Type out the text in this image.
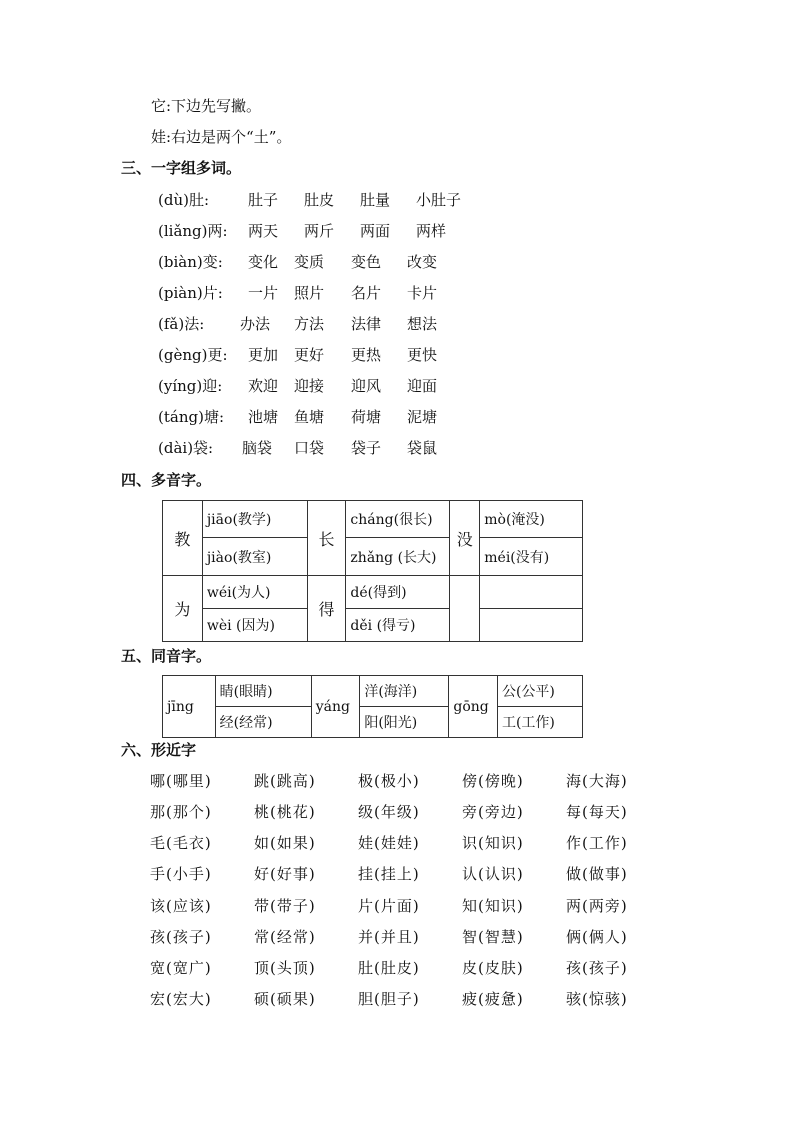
它:下边先写撇。
娃:右边是两个“土”。
三、一字组多词。
(dù)肚:	肚子 肚皮 肚量 小肚子
(liǎng)两: 两天 两斤 两面 两样
(biàn)变: 变化 变质 变色 改变
(piàn)片: 一片 照片 名片 卡片
(fǎ)法: 办法 方法 法律 想法
(gèng)更: 更加 更好 更热 更快
(yíng)迎: 欢迎 迎接 迎风 迎面
(táng)塘: 池塘 鱼塘 荷塘 泥塘
(dài)袋: 脑袋 口袋 袋子 袋鼠
四、多音字。
教	jiāo(教学)	长	cháng(很长)	没	mò(淹没)
	jiào(教室)		zhǎng (长大)		méi(没有)
为	wéi(为人)	得	dé(得到)		
	wèi (因为)		děi (得亏)		
五、同音字。
jīng	睛(眼睛)	yáng	洋(海洋)	gōng	公(公平)
	经(经常)		阳(阳光)		工(工作)
六、形近字
哪(哪里)	跳(跳高)	极(极小)	傍(傍晚)	海(大海)
那(那个)	桃(桃花)	级(年级)	旁(旁边)	每(每天)
毛(毛衣)	如(如果)	娃(娃娃)	识(知识)	作(工作)
手(小手)	好(好事)	挂(挂上)	认(认识)	做(做事)
该(应该)	带(带子)	片(片面)	知(知识)	两(两旁)
孩(孩子)	常(经常)	并(并且)	智(智慧)	俩(俩人)
宽(宽广)	顶(头顶)	肚(肚皮)	皮(皮肤)	孩(孩子)
宏(宏大)	硕(硕果)	胆(胆子)	疲(疲惫)	骇(惊骇)
